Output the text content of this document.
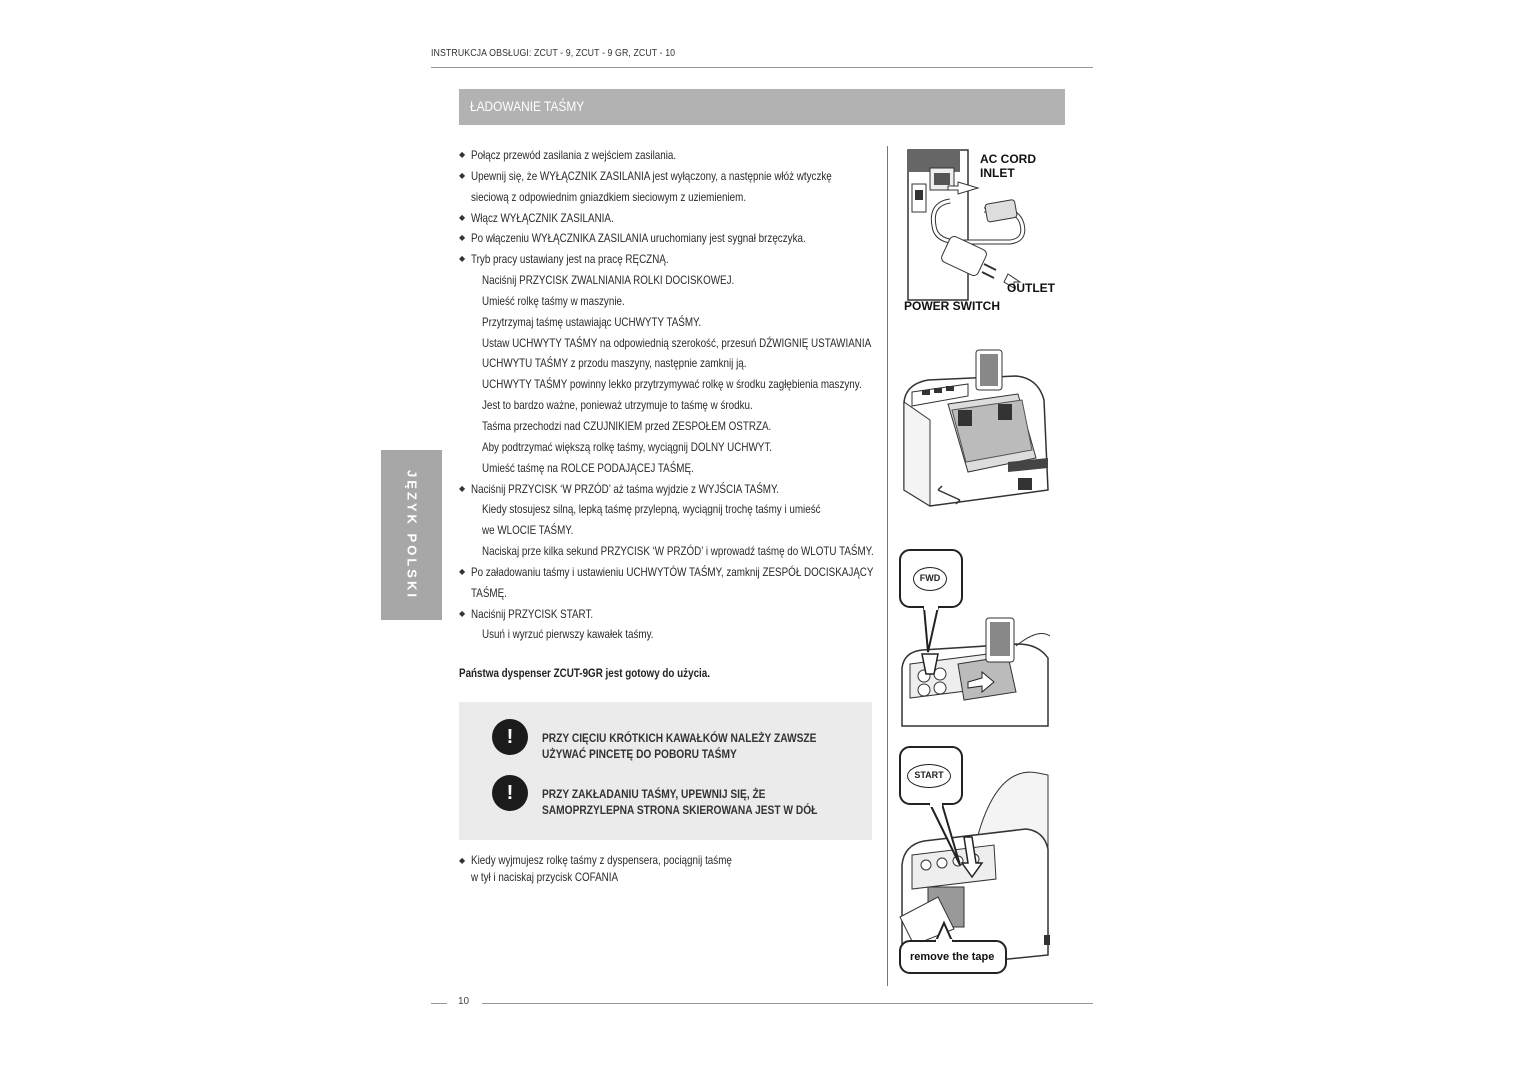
INSTRUKCJA OBSŁUGI: ZCUT - 9, ZCUT - 9 GR, ZCUT - 10
ŁADOWANIE TAŚMY
JĘZYK POLSKI
◆ Połącz przewód zasilania z wejściem zasilania.
◆ Upewnij się, że WYŁĄCZNIK ZASILANIA jest wyłączony, a następnie włóż wtyczkę
sieciową z odpowiednim gniazdkiem sieciowym z uziemieniem.
◆ Włącz WYŁĄCZNIK ZASILANIA.
◆ Po włączeniu WYŁĄCZNIKA ZASILANIA uruchomiany jest sygnał brzęczyka.
◆ Tryb pracy ustawiany jest na pracę RĘCZNĄ.
Naciśnij PRZYCISK ZWALNIANIA ROLKI DOCISKOWEJ.
Umieść rolkę taśmy w maszynie.
Przytrzymaj taśmę ustawiając UCHWYTY TAŚMY.
Ustaw UCHWYTY TAŚMY na odpowiednią szerokość, przesuń DŹWIGNIĘ USTAWIANIA
UCHWYTU TAŚMY z przodu maszyny, następnie zamknij ją.
UCHWYTY TAŚMY powinny lekko przytrzymywać rolkę w środku zagłębienia maszyny.
Jest to bardzo ważne, ponieważ utrzymuje to taśmę w środku.
Taśma przechodzi nad CZUJNIKIEM przed ZESPOŁEM OSTRZA.
Aby podtrzymać większą rolkę taśmy, wyciągnij DOLNY UCHWYT.
Umieść taśmę na ROLCE PODAJĄCEJ TAŚMĘ.
◆ Naciśnij PRZYCISK ‘W PRZÓD’ aż taśma wyjdzie z WYJŚCIA TAŚMY.
Kiedy stosujesz silną, lepką taśmę przylepną, wyciągnij trochę taśmy i umieść
we WLOCIE TAŚMY.
Naciskaj prze kilka sekund PRZYCISK ‘W PRZÓD’ i wprowadź taśmę do WLOTU TAŚMY.
◆ Po załadowaniu taśmy i ustawieniu UCHWYTÓW TAŚMY, zamknij ZESPÓŁ DOCISKAJĄCY
TAŚMĘ.
◆ Naciśnij PRZYCISK START.
Usuń i wyrzuć pierwszy kawałek taśmy.
Państwa dyspenser ZCUT-9GR jest gotowy do użycia.
!	PRZY CIĘCIU KRÓTKICH KAWAŁKÓW NALEŻY ZAWSZE
UŻYWAĆ PINCETĘ DO POBORU TAŚMY
!	PRZY ZAKŁADANIU TAŚMY, UPEWNIJ SIĘ, ŻE
SAMOPRZYLEPNA STRONA SKIEROWANA JEST W DÓŁ
◆ Kiedy wyjmujesz rolkę taśmy z dyspensera, pociągnij taśmę
w tył i naciskaj przycisk COFANIA
AC CORD
INLET
OUTLET
POWER SWITCH
FWD
START
remove the tape
10
